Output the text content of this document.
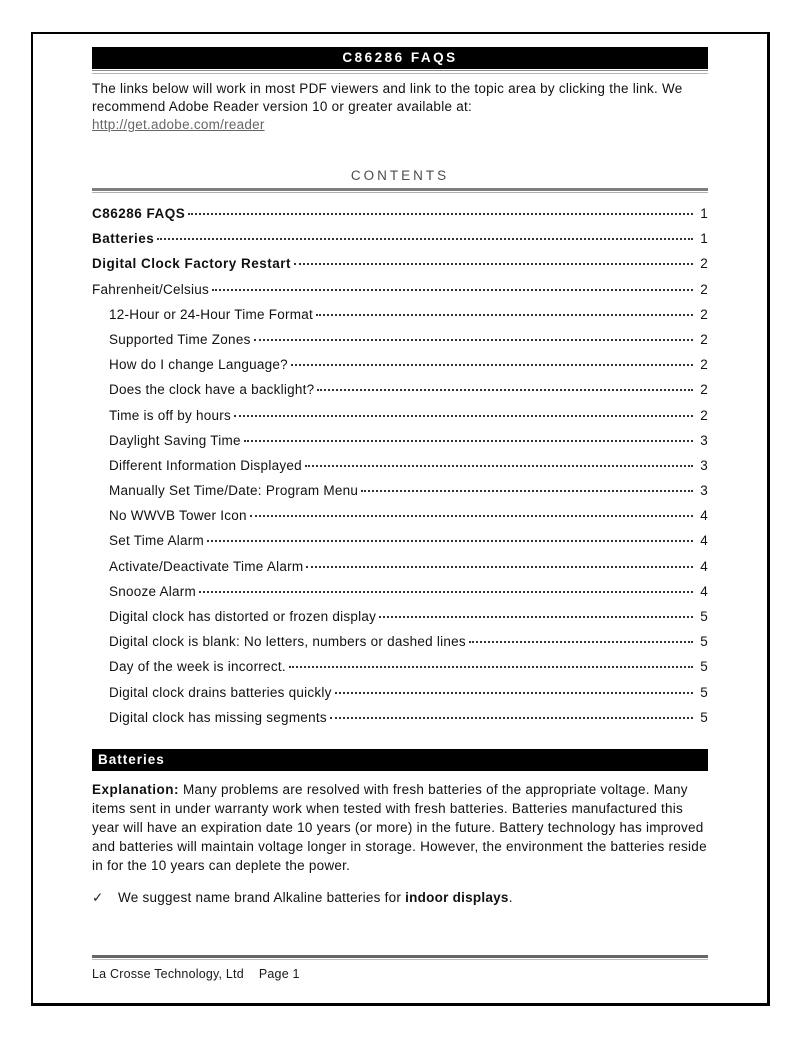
C86286 FAQS
The links below will work in most PDF viewers and link to the topic area by clicking the link. We recommend Adobe Reader version 10 or greater available at:
http://get.adobe.com/reader
CONTENTS
C86286 FAQS	1
Batteries	1
Digital Clock Factory Restart	2
Fahrenheit/Celsius	2
12-Hour or 24-Hour Time Format	2
Supported Time Zones	2
How do I change Language?	2
Does the clock have a backlight?	2
Time is off by hours	2
Daylight Saving Time	3
Different Information Displayed	3
Manually Set Time/Date: Program Menu	3
No WWVB Tower Icon	4
Set Time Alarm	4
Activate/Deactivate Time Alarm	4
Snooze Alarm	4
Digital clock has distorted or frozen display	5
Digital clock is blank: No letters, numbers or dashed lines	5
Day of the week is incorrect.	5
Digital clock drains batteries quickly	5
Digital clock has missing segments	5
Batteries
Explanation: Many problems are resolved with fresh batteries of the appropriate voltage. Many items sent in under warranty work when tested with fresh batteries. Batteries manufactured this year will have an expiration date 10 years (or more) in the future. Battery technology has improved and batteries will maintain voltage longer in storage. However, the environment the batteries reside in for the 10 years can deplete the power.
✓	We suggest name brand Alkaline batteries for indoor displays.
La Crosse Technology, Ltd Page 1
